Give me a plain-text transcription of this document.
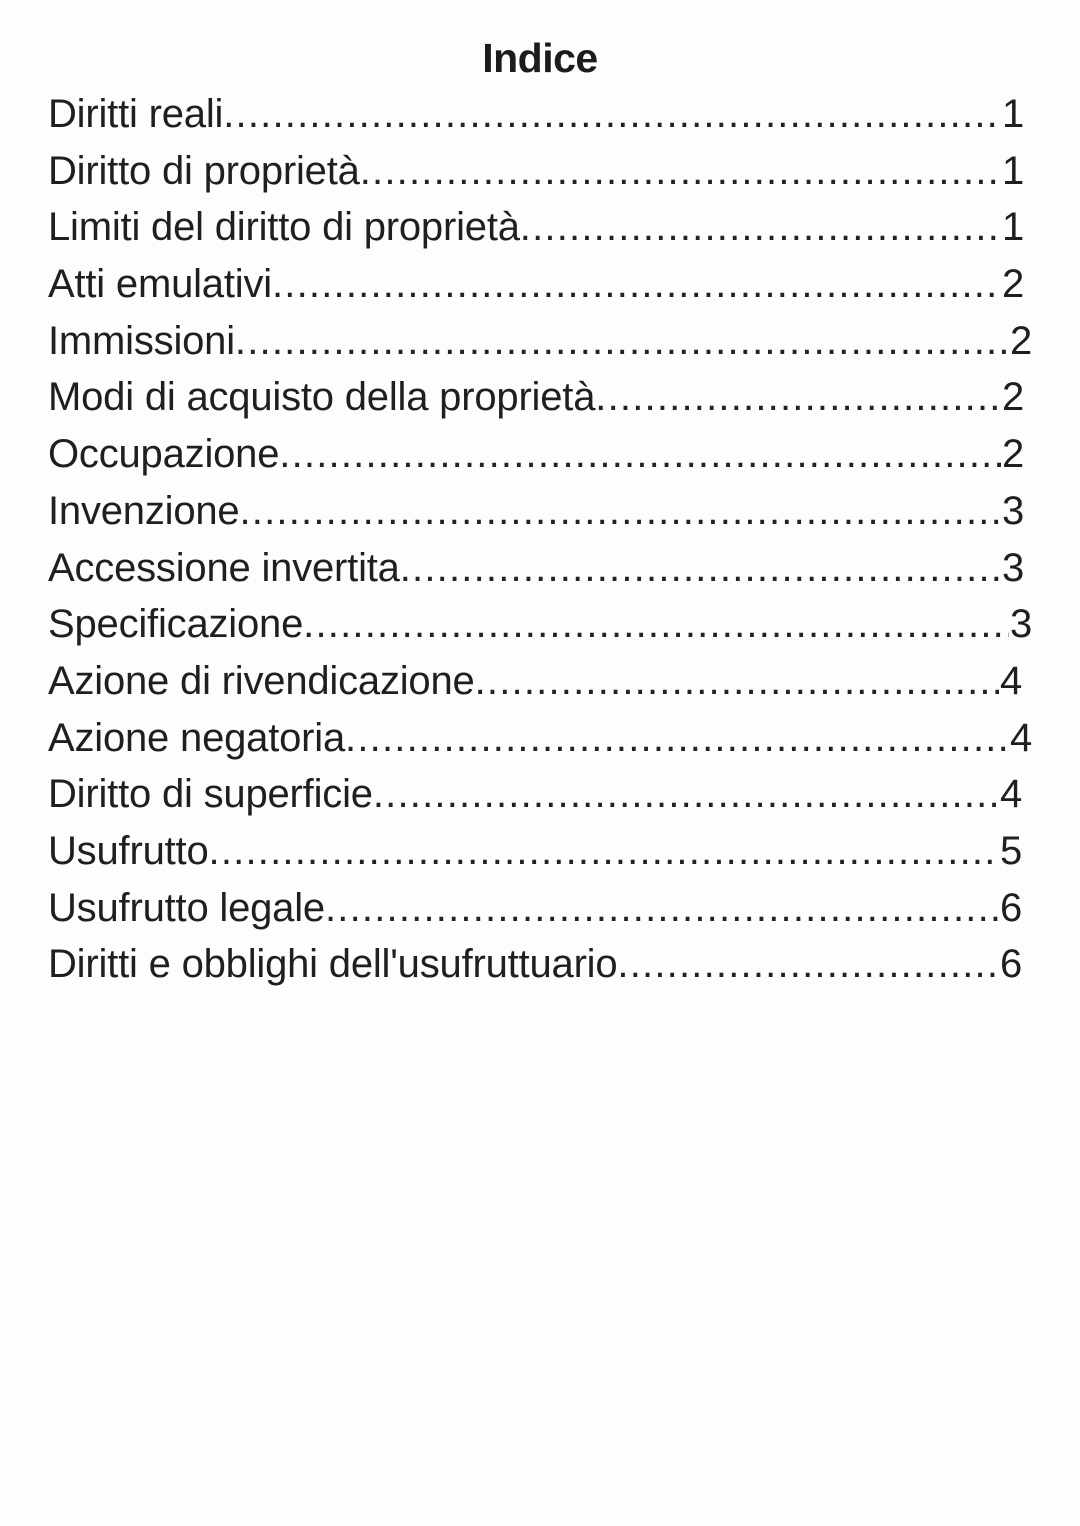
Indice
Diritti reali .....	1
Diritto di proprietà .....	1
Limiti del diritto di proprietà .....	1
Atti emulativi .....	2
Immissioni .....	2
Modi di acquisto della proprietà .....	2
Occupazione .....	2
Invenzione .....	3
Accessione invertita .....	3
Specificazione .....	3
Azione di rivendicazione .....	4
Azione negatoria .....	4
Diritto di superficie .....	4
Usufrutto .....	5
Usufrutto legale .....	6
Diritti e obblighi dell'usufruttuario .....	6
